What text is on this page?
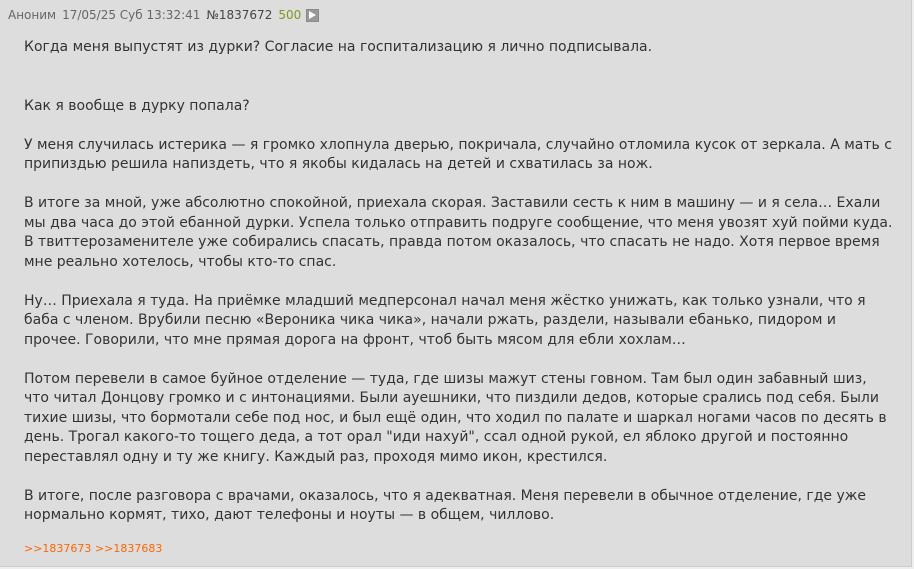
Аноним 17/05/25 Суб 13:32:41 №1837672 500

Когда меня выпустят из дурки? Согласие на госпитализацию я лично подписывала.

Как я вообще в дурку попала?

У меня случилась истерика — я громко хлопнула дверью, покричала, случайно отломила кусок от зеркала. А мать с припиздью решила напиздеть, что я якобы кидалась на детей и схватилась за нож.

В итоге за мной, уже абсолютно спокойной, приехала скорая. Заставили сесть к ним в машину — и я села… Ехали мы два часа до этой ебанной дурки. Успела только отправить подруге сообщение, что меня увозят хуй пойми куда. В твиттерозаменителе уже собирались спасать, правда потом оказалось, что спасать не надо. Хотя первое время мне реально хотелось, чтобы кто-то спас.

Ну… Приехала я туда. На приёмке младший медперсонал начал меня жёстко унижать, как только узнали, что я баба с членом. Врубили песню «Вероника чика чика», начали ржать, раздели, называли ебанько, пидором и прочее. Говорили, что мне прямая дорога на фронт, чтоб быть мясом для ебли хохлам…

Потом перевели в самое буйное отделение — туда, где шизы мажут стены говном. Там был один забавный шиз, что читал Донцову громко и с интонациями. Были ауешники, что пиздили дедов, которые срались под себя. Были тихие шизы, что бормотали себе под нос, и был ещё один, что ходил по палате и шаркал ногами часов по десять в день. Трогал какого-то тощего деда, а тот орал "иди нахуй", ссал одной рукой, ел яблоко другой и постоянно переставлял одну и ту же книгу. Каждый раз, проходя мимо икон, крестился.

В итоге, после разговора с врачами, оказалось, что я адекватная. Меня перевели в обычное отделение, где уже нормально кормят, тихо, дают телефоны и ноуты — в общем, чиллово.

>>1837673 >>1837683
